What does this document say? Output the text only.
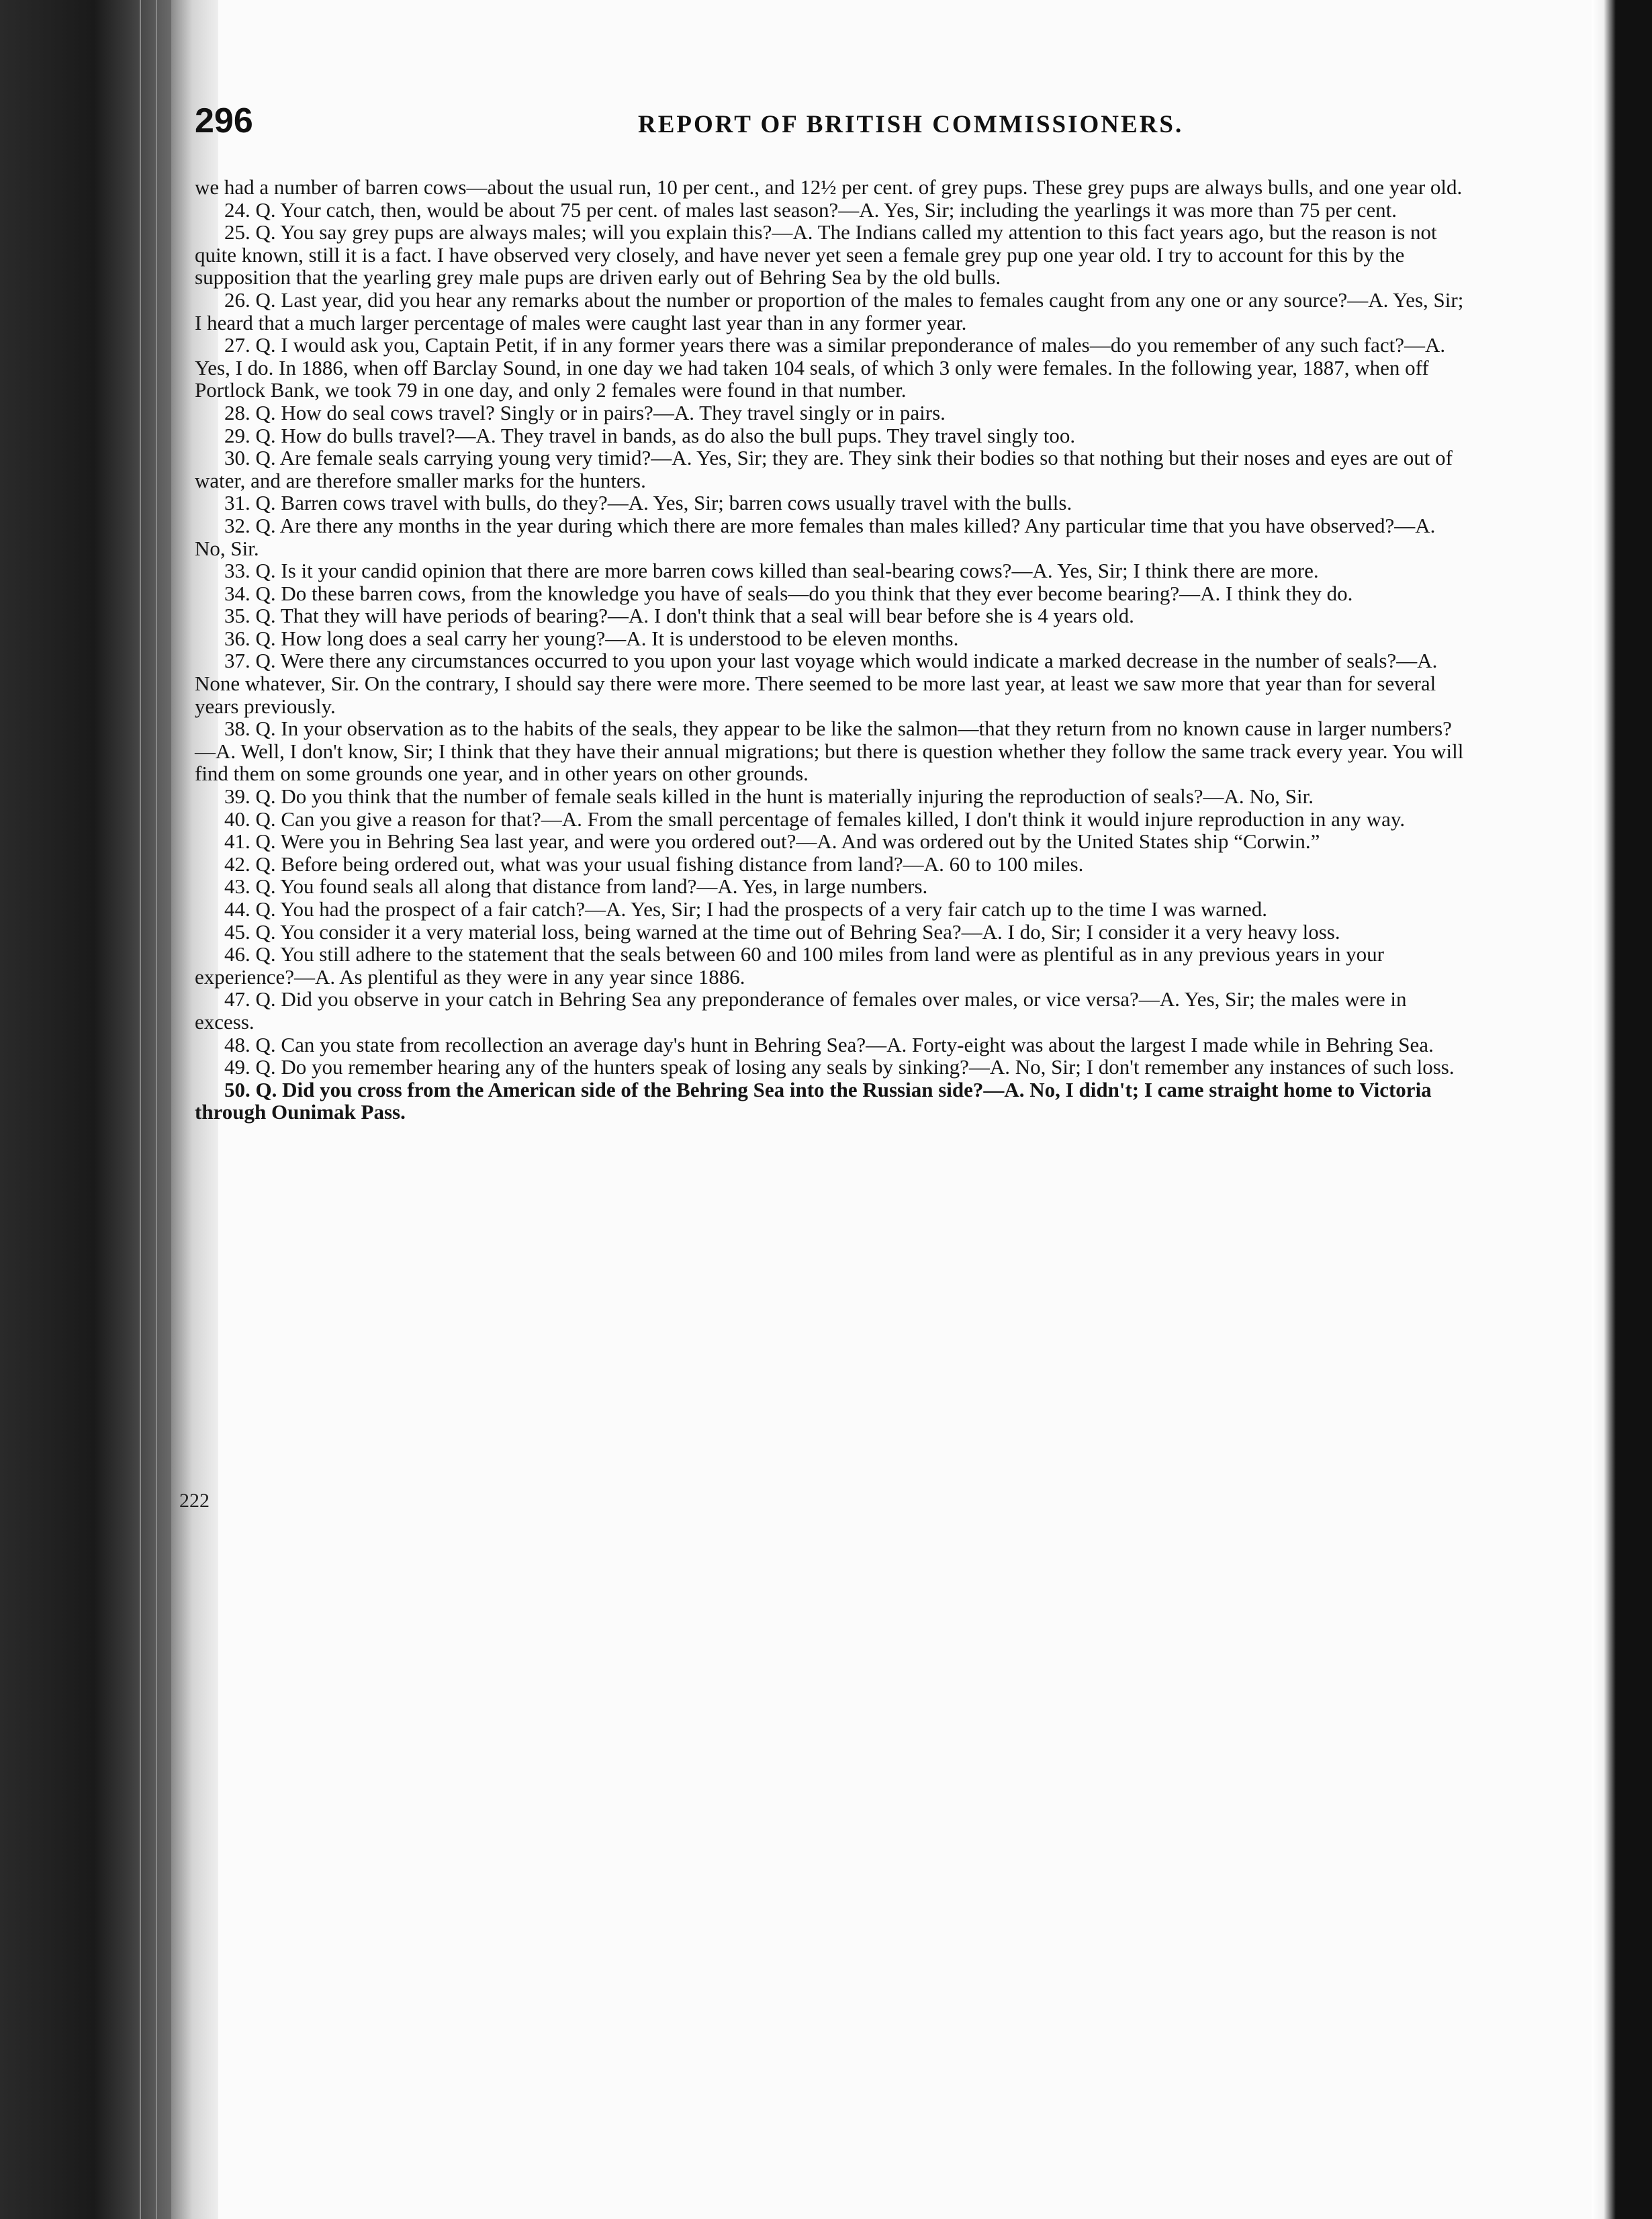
296	REPORT OF BRITISH COMMISSIONERS.
222

we had a number of barren cows—about the usual run, 10 per cent., and 12½ per cent. of grey pups. These grey pups are always bulls, and one year old.

24. Q. Your catch, then, would be about 75 per cent. of males last season?—A. Yes, Sir; including the yearlings it was more than 75 per cent.

25. Q. You say grey pups are always males; will you explain this?—A. The Indians called my attention to this fact years ago, but the reason is not quite known, still it is a fact. I have observed very closely, and have never yet seen a female grey pup one year old. I try to account for this by the supposition that the yearling grey male pups are driven early out of Behring Sea by the old bulls.

26. Q. Last year, did you hear any remarks about the number or proportion of the males to females caught from any one or any source?—A. Yes, Sir; I heard that a much larger percentage of males were caught last year than in any former year.

27. Q. I would ask you, Captain Petit, if in any former years there was a similar preponderance of males—do you remember of any such fact?—A. Yes, I do. In 1886, when off Barclay Sound, in one day we had taken 104 seals, of which 3 only were females. In the following year, 1887, when off Portlock Bank, we took 79 in one day, and only 2 females were found in that number.

28. Q. How do seal cows travel? Singly or in pairs?—A. They travel singly or in pairs.

29. Q. How do bulls travel?—A. They travel in bands, as do also the bull pups. They travel singly too.

30. Q. Are female seals carrying young very timid?—A. Yes, Sir; they are. They sink their bodies so that nothing but their noses and eyes are out of water, and are therefore smaller marks for the hunters.

31. Q. Barren cows travel with bulls, do they?—A. Yes, Sir; barren cows usually travel with the bulls.

32. Q. Are there any months in the year during which there are more females than males killed? Any particular time that you have observed?—A. No, Sir.

33. Q. Is it your candid opinion that there are more barren cows killed than seal-bearing cows?—A. Yes, Sir; I think there are more.

34. Q. Do these barren cows, from the knowledge you have of seals—do you think that they ever become bearing?—A. I think they do.

35. Q. That they will have periods of bearing?—A. I don't think that a seal will bear before she is 4 years old.

36. Q. How long does a seal carry her young?—A. It is understood to be eleven months.

37. Q. Were there any circumstances occurred to you upon your last voyage which would indicate a marked decrease in the number of seals?—A. None whatever, Sir. On the contrary, I should say there were more. There seemed to be more last year, at least we saw more that year than for several years previously.

38. Q. In your observation as to the habits of the seals, they appear to be like the salmon—that they return from no known cause in larger numbers?—A. Well, I don't know, Sir; I think that they have their annual migrations; but there is question whether they follow the same track every year. You will find them on some grounds one year, and in other years on other grounds.

39. Q. Do you think that the number of female seals killed in the hunt is materially injuring the reproduction of seals?—A. No, Sir.

40. Q. Can you give a reason for that?—A. From the small percentage of females killed, I don't think it would injure reproduction in any way.

41. Q. Were you in Behring Sea last year, and were you ordered out?—A. And was ordered out by the United States ship “Corwin.”

42. Q. Before being ordered out, what was your usual fishing distance from land?—A. 60 to 100 miles.

43. Q. You found seals all along that distance from land?—A. Yes, in large numbers.

44. Q. You had the prospect of a fair catch?—A. Yes, Sir; I had the prospects of a very fair catch up to the time I was warned.

45. Q. You consider it a very material loss, being warned at the time out of Behring Sea?—A. I do, Sir; I consider it a very heavy loss.

46. Q. You still adhere to the statement that the seals between 60 and 100 miles from land were as plentiful as in any previous years in your experience?—A. As plentiful as they were in any year since 1886.

47. Q. Did you observe in your catch in Behring Sea any preponderance of females over males, or vice versa?—A. Yes, Sir; the males were in excess.

48. Q. Can you state from recollection an average day's hunt in Behring Sea?—A. Forty-eight was about the largest I made while in Behring Sea.

49. Q. Do you remember hearing any of the hunters speak of losing any seals by sinking?—A. No, Sir; I don't remember any instances of such loss.

50. Q. Did you cross from the American side of the Behring Sea into the Russian side?—A. No, I didn't; I came straight home to Victoria through Ounimak Pass.
